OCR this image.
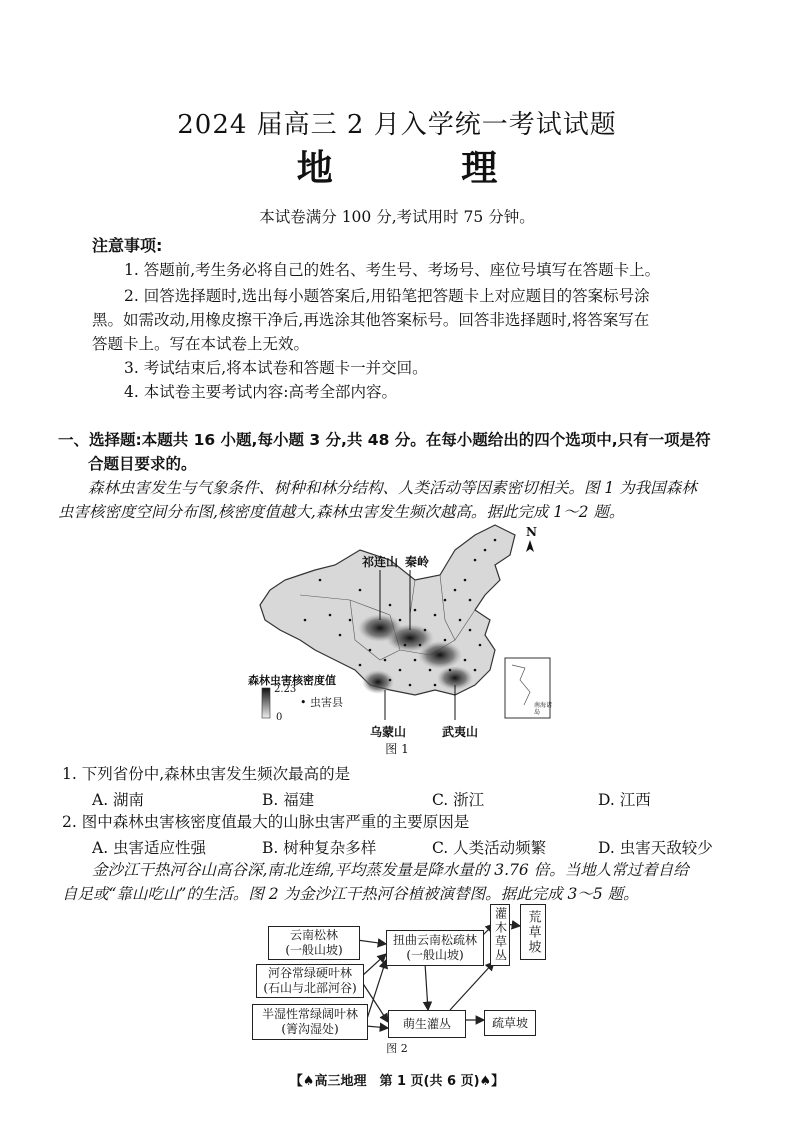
2024 届高三 2 月入学统一考试试题
地 理
本试卷满分 100 分,考试用时 75 分钟。
注意事项:
1. 答题前,考生务必将自己的姓名、考生号、考场号、座位号填写在答题卡上。
2. 回答选择题时,选出每小题答案后,用铅笔把答题卡上对应题目的答案标号涂
黑。如需改动,用橡皮擦干净后,再选涂其他答案标号。回答非选择题时,将答案写在
答题卡上。写在本试卷上无效。
3. 考试结束后,将本试卷和答题卡一并交回。
4. 本试卷主要考试内容:高考全部内容。
一、选择题:本题共 16 小题,每小题 3 分,共 48 分。在每小题给出的四个选项中,只有一项是符
合题目要求的。
森林虫害发生与气象条件、树种和林分结构、人类活动等因素密切相关。图 1 为我国森林
虫害核密度空间分布图,核密度值越大,森林虫害发生频次越高。据此完成 1～2 题。
祁连山 秦岭
乌蒙山	武夷山
N
森林虫害核密度值
2.23
0
• 虫害县	南海诸岛
图 1
1. 下列省份中,森林虫害发生频次最高的是
A. 湖南	B. 福建	C. 浙江	D. 江西
2. 图中森林虫害核密度值最大的山脉虫害严重的主要原因是
A. 虫害适应性强	B. 树种复杂多样	C. 人类活动频繁	D. 虫害天敌较少
金沙江干热河谷山高谷深,南北连绵,平均蒸发量是降水量的 3.76 倍。当地人常过着自给
自足或“靠山吃山”的生活。图 2 为金沙江干热河谷植被演替图。据此完成 3～5 题。
云南松林
(一般山坡)
河谷常绿硬叶林
(石山与北部河谷)
半湿性常绿阔叶林
(箐沟湿处)
扭曲云南松疏林
(一般山坡)
萌生灌丛
灌木草丛 荒草坡
疏草坡
图 2
【♠高三地理　第 1 页(共 6 页)♠】
